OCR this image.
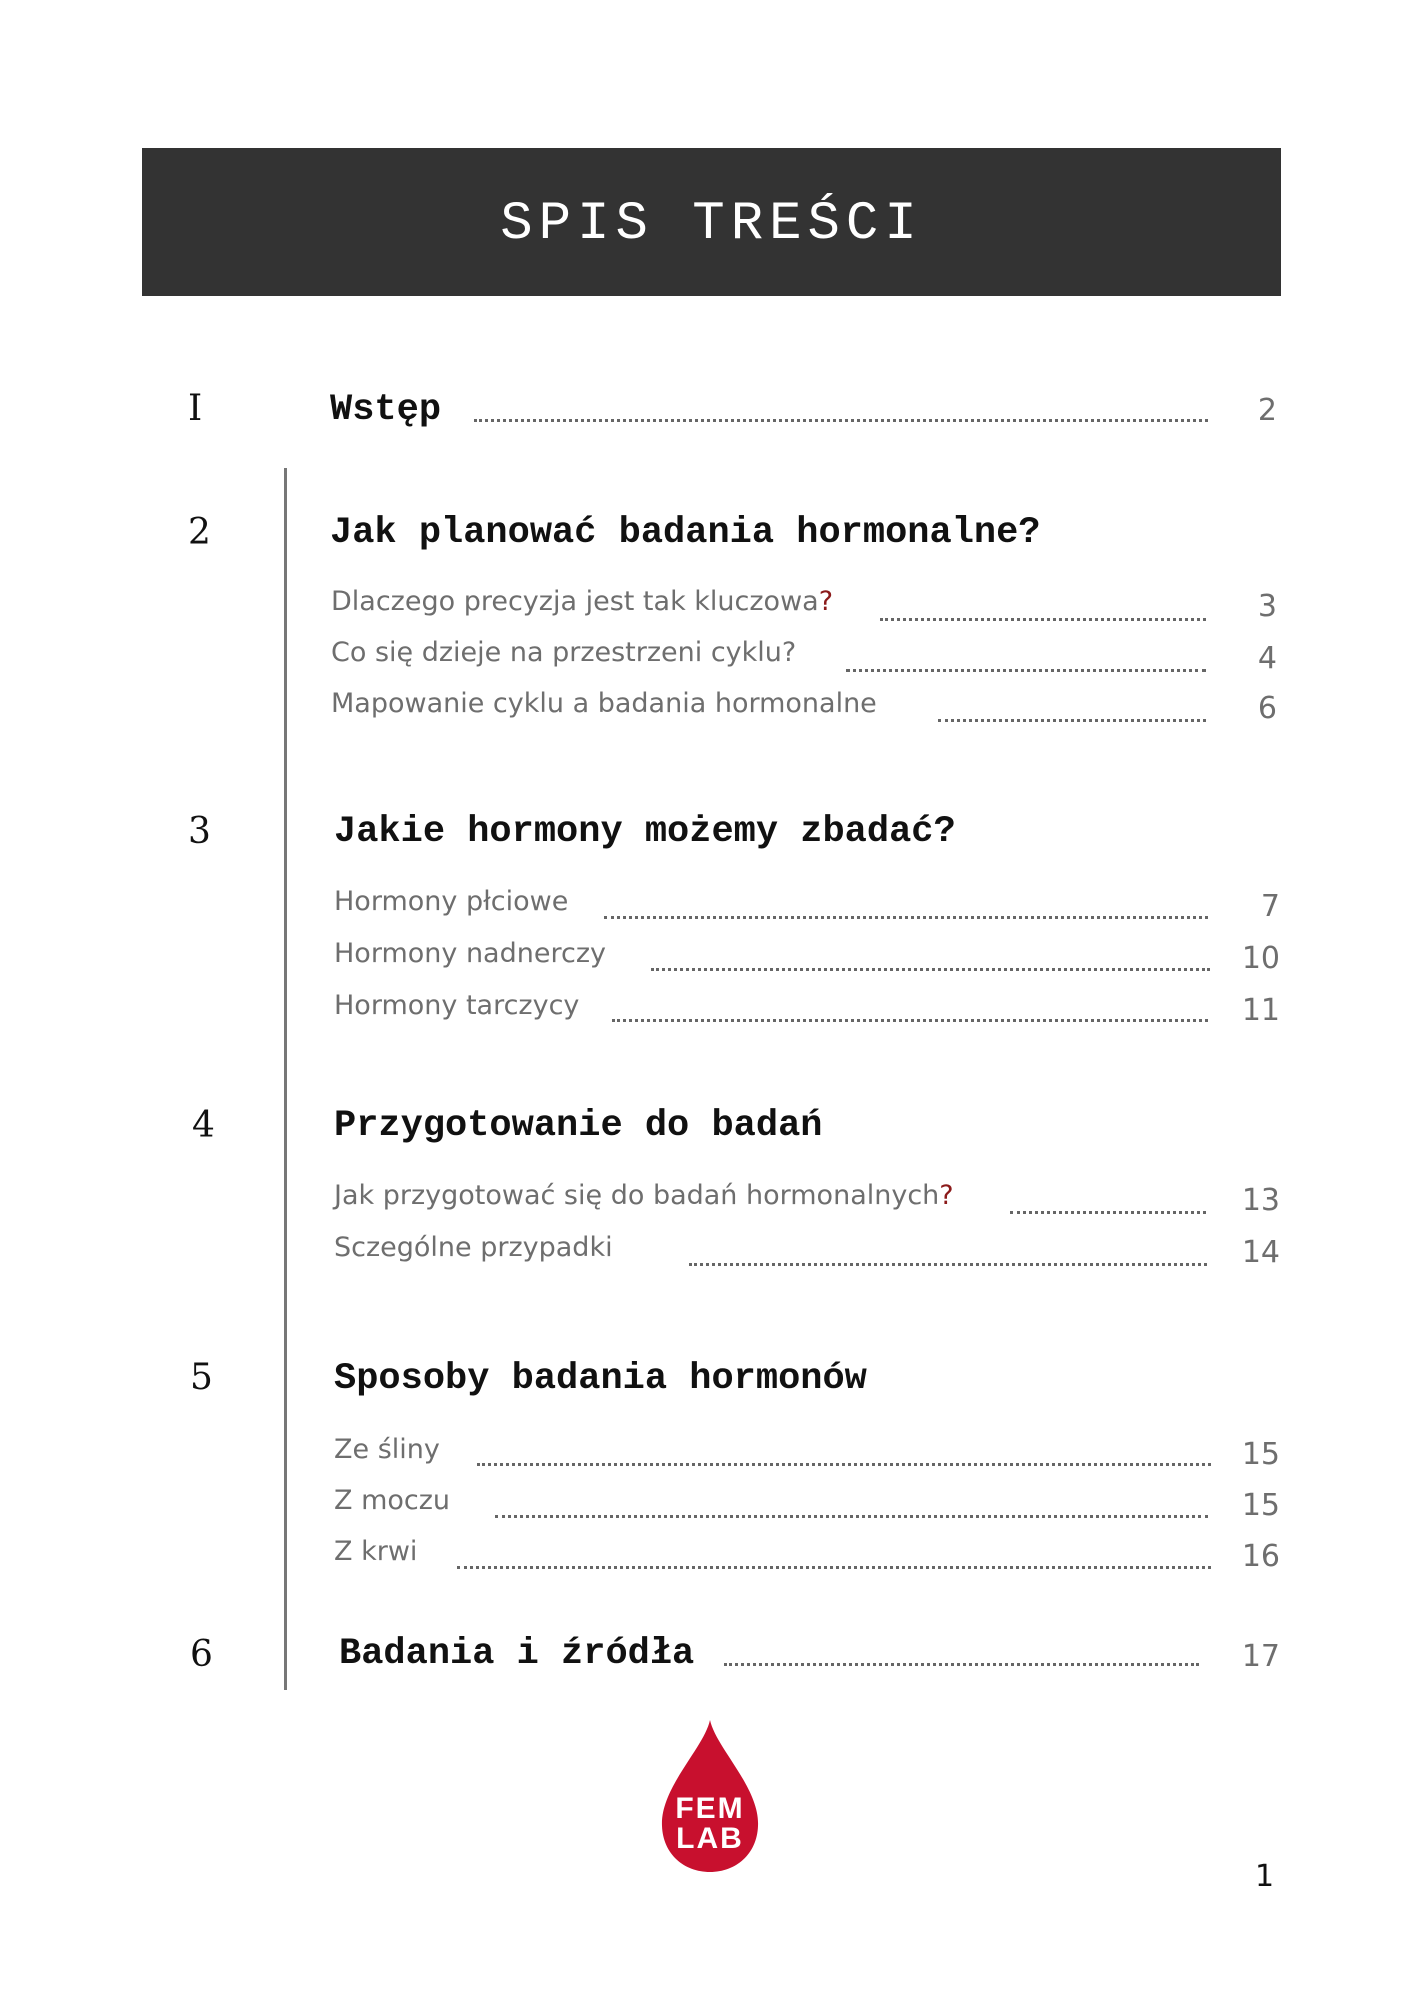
SPIS TREŚCI
I	Wstęp	2
2	Jak planować badania hormonalne?
Dlaczego precyzja jest tak kluczowa?	3
Co się dzieje na przestrzeni cyklu?	4
Mapowanie cyklu a badania hormonalne	6
3	Jakie hormony możemy zbadać?
Hormony płciowe	7
Hormony nadnerczy	10
Hormony tarczycy	11
4	Przygotowanie do badań
Jak przygotować się do badań hormonalnych?	13
Sczególne przypadki	14
5	Sposoby badania hormonów
Ze śliny	15
Z moczu	15
Z krwi	16
6	Badania i źródła	17
FEM
LAB
1
